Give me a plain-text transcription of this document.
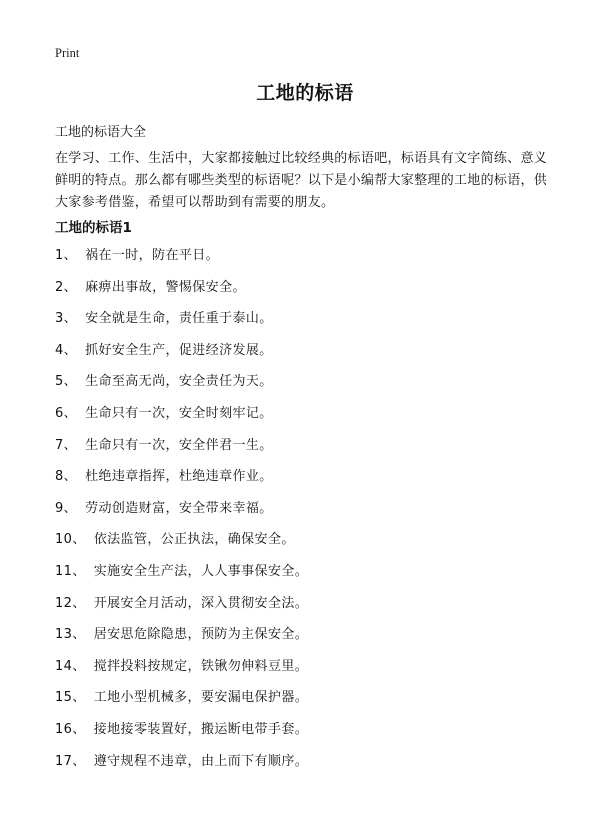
Print
工地的标语

工地的标语大全

在学习、工作、生活中，大家都接触过比较经典的标语吧，标语具有文字简练、意义鲜明的特点。那么都有哪些类型的标语呢？以下是小编帮大家整理的工地的标语，供大家参考借鉴，希望可以帮助到有需要的朋友。

工地的标语1
1、 祸在一时，防在平日。
2、 麻痹出事故，警惕保安全。
3、 安全就是生命，责任重于泰山。
4、 抓好安全生产，促进经济发展。
5、 生命至高无尚，安全责任为天。
6、 生命只有一次，安全时刻牢记。
7、 生命只有一次，安全伴君一生。
8、 杜绝违章指挥，杜绝违章作业。
9、 劳动创造财富，安全带来幸福。
10、 依法监管，公正执法，确保安全。
11、 实施安全生产法，人人事事保安全。
12、 开展安全月活动，深入贯彻安全法。
13、 居安思危除隐患，预防为主保安全。
14、 搅拌投料按规定，铁锹勿伸料豆里。
15、 工地小型机械多，要安漏电保护器。
16、 接地接零装置好，搬运断电带手套。
17、 遵守规程不违章，由上而下有顺序。
